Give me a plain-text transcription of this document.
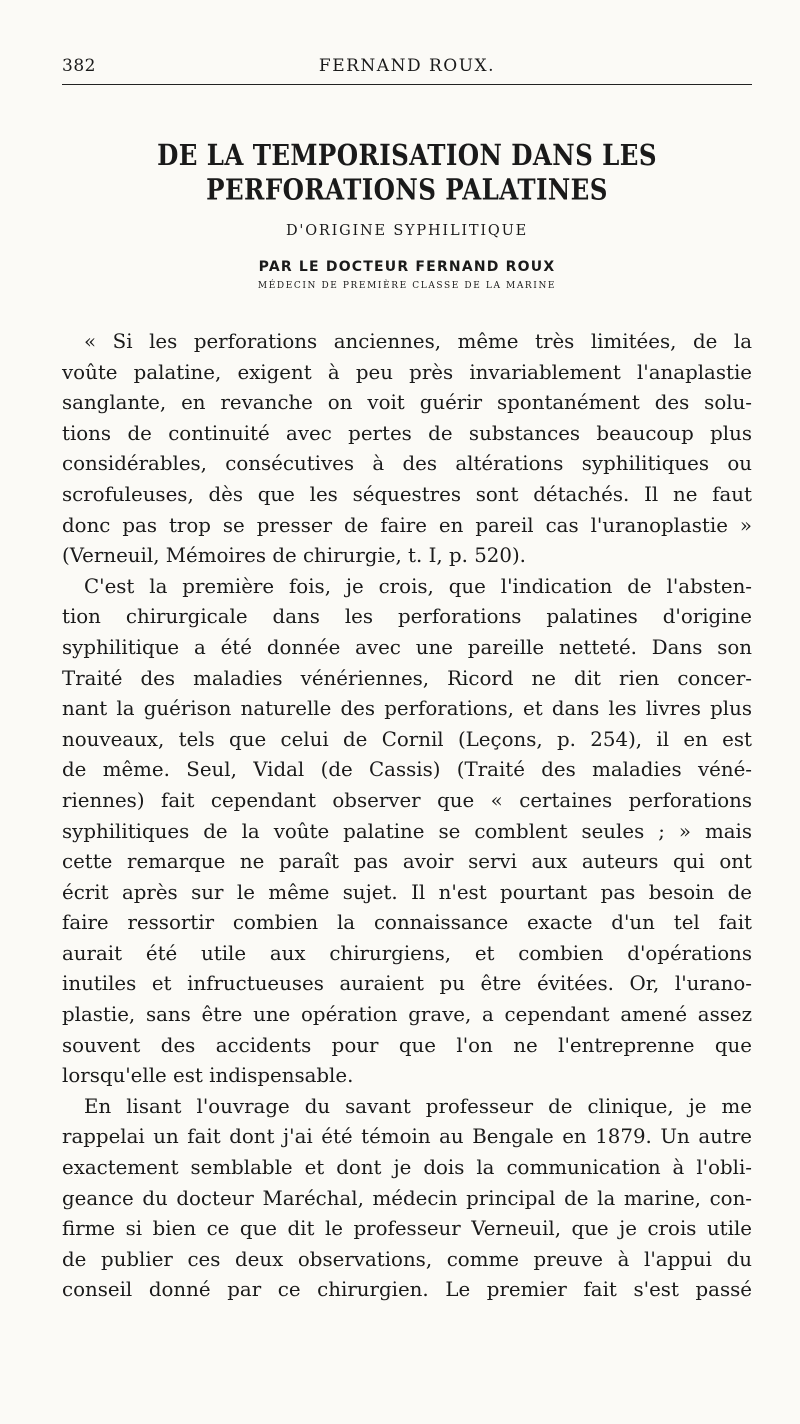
382	FERNAND ROUX.
DE LA TEMPORISATION DANS LES PERFORATIONS PALATINES
D'ORIGINE SYPHILITIQUE
PAR LE DOCTEUR FERNAND ROUX
MÉDECIN DE PREMIÈRE CLASSE DE LA MARINE
« Si les perforations anciennes, même très limitées, de la
voûte palatine, exigent à peu près invariablement l'anaplastie
sanglante, en revanche on voit guérir spontanément des solu-
tions de continuité avec pertes de substances beaucoup plus
considérables, consécutives à des altérations syphilitiques ou
scrofuleuses, dès que les séquestres sont détachés. Il ne faut
donc pas trop se presser de faire en pareil cas l'uranoplastie »
(Verneuil, Mémoires de chirurgie, t. I, p. 520).
C'est la première fois, je crois, que l'indication de l'absten-
tion chirurgicale dans les perforations palatines d'origine
syphilitique a été donnée avec une pareille netteté. Dans son
Traité des maladies vénériennes, Ricord ne dit rien concer-
nant la guérison naturelle des perforations, et dans les livres plus
nouveaux, tels que celui de Cornil (Leçons, p. 254), il en est
de même. Seul, Vidal (de Cassis) (Traité des maladies véné-
riennes) fait cependant observer que « certaines perforations
syphilitiques de la voûte palatine se comblent seules ; » mais
cette remarque ne paraît pas avoir servi aux auteurs qui ont
écrit après sur le même sujet. Il n'est pourtant pas besoin de
faire ressortir combien la connaissance exacte d'un tel fait
aurait été utile aux chirurgiens, et combien d'opérations
inutiles et infructueuses auraient pu être évitées. Or, l'urano-
plastie, sans être une opération grave, a cependant amené assez
souvent des accidents pour que l'on ne l'entreprenne que
lorsqu'elle est indispensable.
En lisant l'ouvrage du savant professeur de clinique, je me
rappelai un fait dont j'ai été témoin au Bengale en 1879. Un autre
exactement semblable et dont je dois la communication à l'obli-
geance du docteur Maréchal, médecin principal de la marine, con-
firme si bien ce que dit le professeur Verneuil, que je crois utile
de publier ces deux observations, comme preuve à l'appui du
conseil donné par ce chirurgien. Le premier fait s'est passé
